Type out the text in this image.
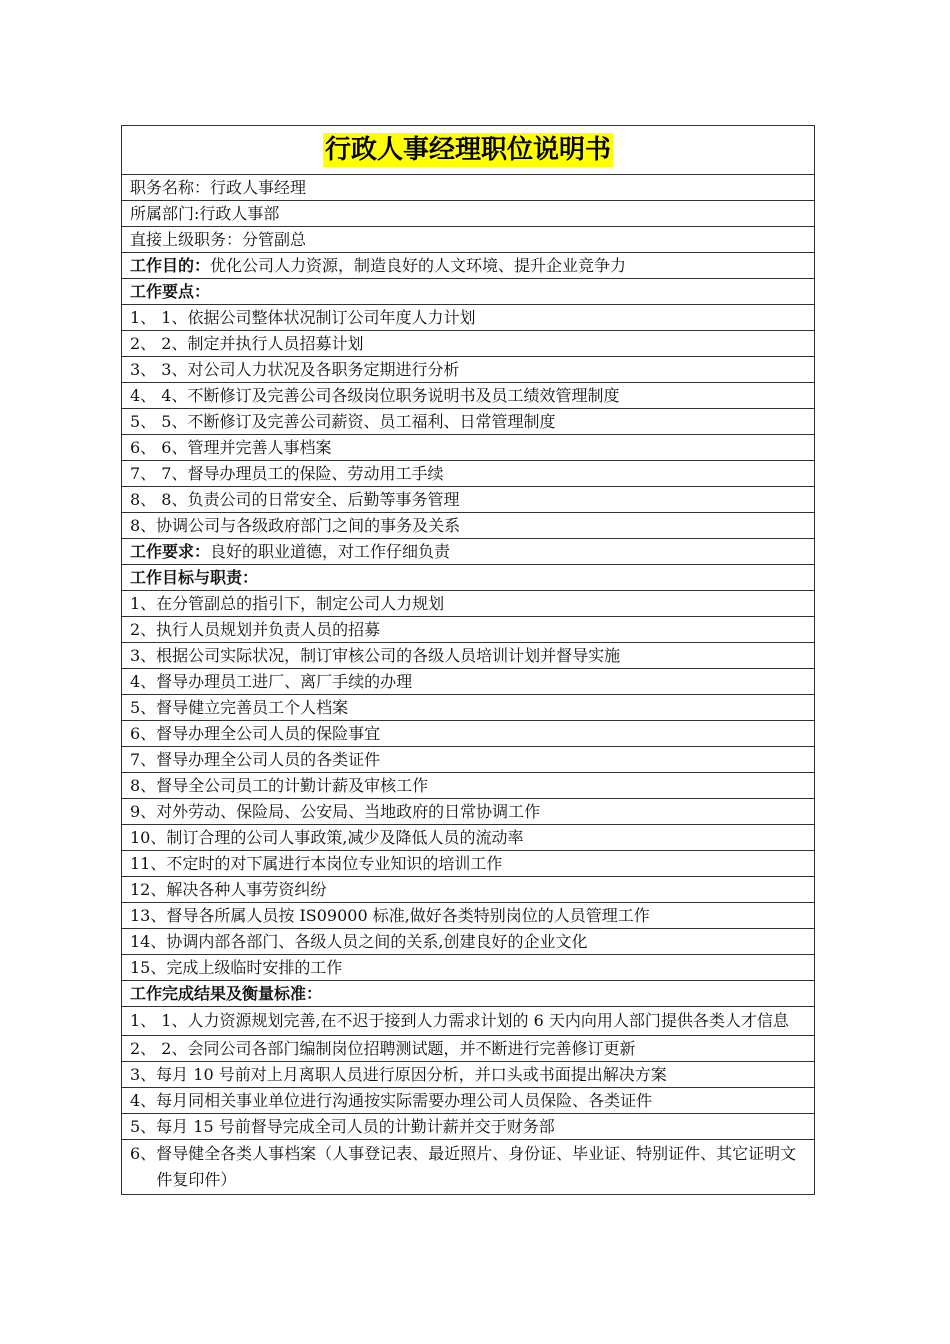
行政人事经理职位说明书
职务名称：行政人事经理
所属部门:行政人事部
直接上级职务：分管副总
工作目的：优化公司人力资源，制造良好的人文环境、提升企业竞争力
工作要点：
1、 1、依据公司整体状况制订公司年度人力计划
2、 2、制定并执行人员招募计划
3、 3、对公司人力状况及各职务定期进行分析
4、 4、不断修订及完善公司各级岗位职务说明书及员工绩效管理制度
5、 5、不断修订及完善公司薪资、员工福利、日常管理制度
6、 6、管理并完善人事档案
7、 7、督导办理员工的保险、劳动用工手续
8、 8、负责公司的日常安全、后勤等事务管理
8、协调公司与各级政府部门之间的事务及关系
工作要求：良好的职业道德，对工作仔细负责
工作目标与职责：
1、在分管副总的指引下，制定公司人力规划
2、执行人员规划并负责人员的招募
3、根据公司实际状况，制订审核公司的各级人员培训计划并督导实施
4、督导办理员工进厂、离厂手续的办理
5、督导健立完善员工个人档案
6、督导办理全公司人员的保险事宜
7、督导办理全公司人员的各类证件
8、督导全公司员工的计勤计薪及审核工作
9、对外劳动、保险局、公安局、当地政府的日常协调工作
10、制订合理的公司人事政策,减少及降低人员的流动率
11、不定时的对下属进行本岗位专业知识的培训工作
12、解决各种人事劳资纠纷
13、督导各所属人员按 IS09000 标准,做好各类特别岗位的人员管理工作
14、协调内部各部门、各级人员之间的关系,创建良好的企业文化
15、完成上级临时安排的工作
工作完成结果及衡量标准：

1、 1、人力资源规划完善,在不迟于接到人力需求计划的 6 天内向用人部门提供各类人才信息

2、 2、会同公司各部门编制岗位招聘测试题，并不断进行完善修订更新
3、每月 10 号前对上月离职人员进行原因分析，并口头或书面提出解决方案
4、每月同相关事业单位进行沟通按实际需要办理公司人员保险、各类证件
5、每月 15 号前督导完成全司人员的计勤计薪并交于财务部

6、督导健全各类人事档案（人事登记表、最近照片、身份证、毕业证、特别证件、其它证明文件复印件）
